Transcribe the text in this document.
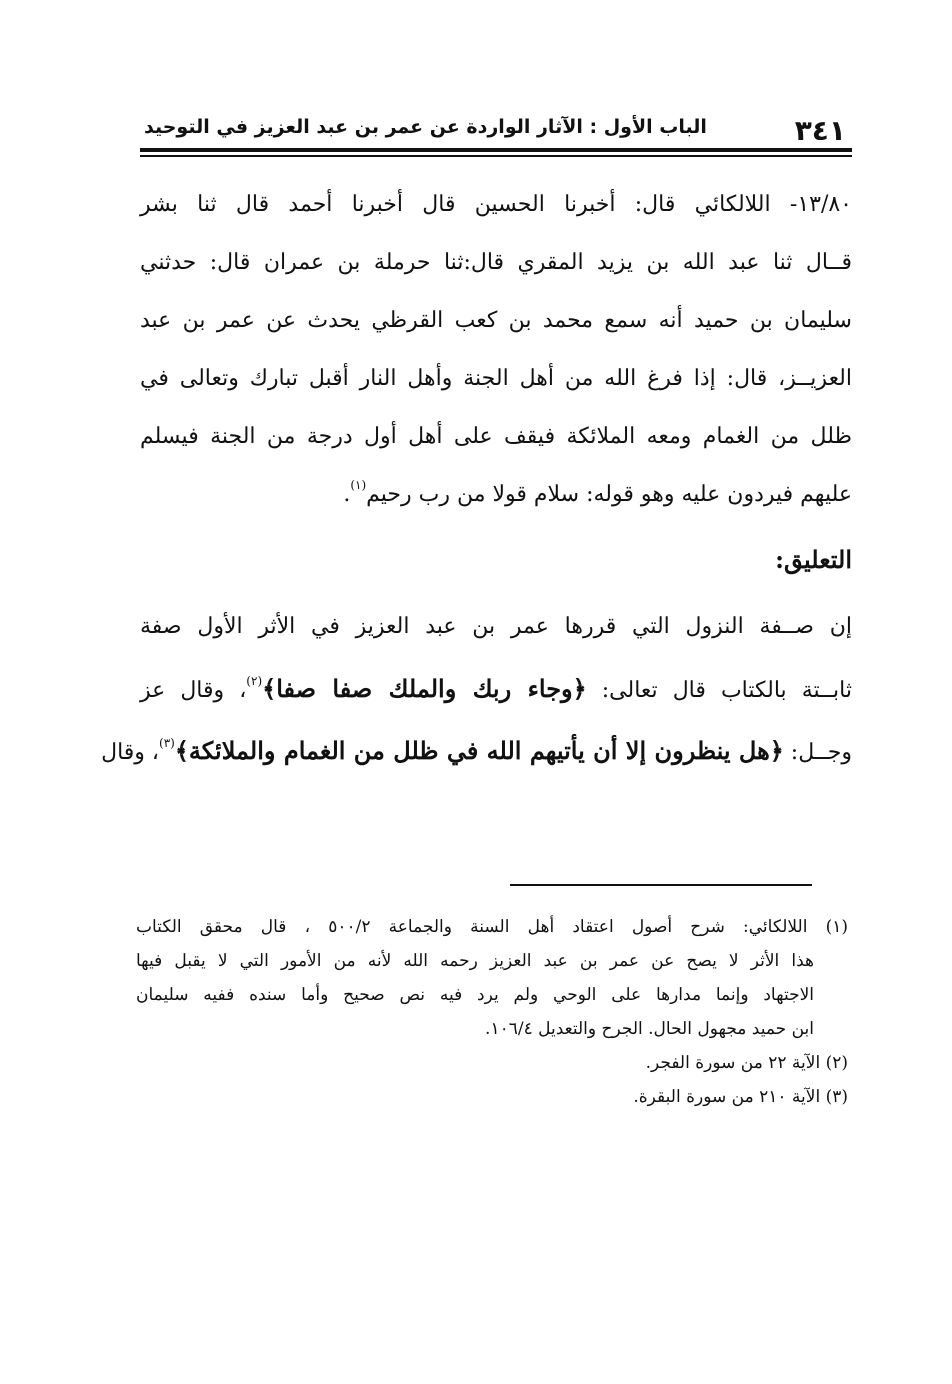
٣٤١
الباب الأول : الآثار الواردة عن عمر بن عبد العزيز في التوحيد
١٣/٨٠- اللالكائي قال: أخبرنا الحسين قال أخبرنا أحمد قال ثنا بشر
قــال ثنا عبد الله بن يزيد المقري قال:ثنا حرملة بن عمران قال: حدثني
سليمان بن حميد أنه سمع محمد بن كعب القرظي يحدث عن عمر بن عبد
العزيــز، قال: إذا فرغ الله من أهل الجنة وأهل النار أقبل تبارك وتعالى في
ظلل من الغمام ومعه الملائكة فيقف على أهل أول درجة من الجنة فيسلم
عليهم فيردون عليه وهو قوله: سلام قولا من رب رحيم$^{(١)}$.
التعليق:
إن صــفة النزول التي قررها عمر بن عبد العزيز في الأثر الأول صفة
ثابــتة بالكتاب قال تعالى: ﴿وجاء ربك والملك صفا صفا﴾$^{(٢)}$، وقال عز
وجــل: ﴿هل ينظرون إلا أن يأتيهم الله في ظلل من الغمام والملائكة﴾$^{(٣)}$، وقال
(١) اللالكائي: شرح أصول اعتقاد أهل السنة والجماعة ٥٠٠/٢ ، قال محقق الكتاب
هذا الأثر لا يصح عن عمر بن عبد العزيز رحمه الله لأنه من الأمور التي لا يقبل فيها
الاجتهاد وإنما مدارها على الوحي ولم يرد فيه نص صحيح وأما سنده ففيه سليمان
ابن حميد مجهول الحال. الجرح والتعديل ١٠٦/٤.
(٢) الآية ٢٢ من سورة الفجر.
(٣) الآية ٢١٠ من سورة البقرة.
